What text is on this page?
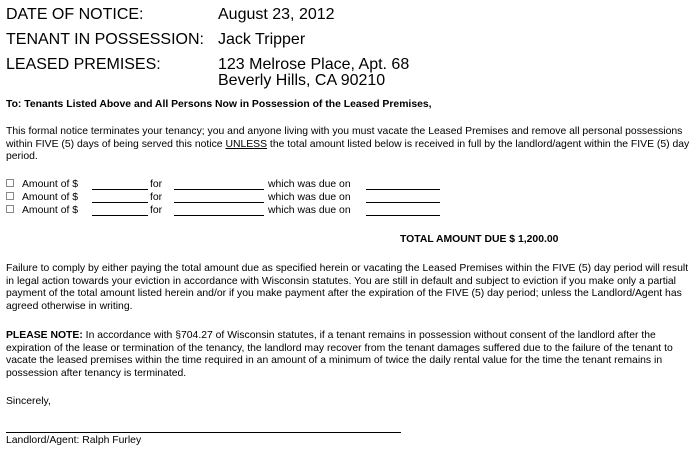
DATE OF NOTICE:	August 23, 2012
TENANT IN POSSESSION: Jack Tripper
LEASED PREMISES:	123 Melrose Place, Apt. 68
Beverly Hills, CA 90210
To: Tenants Listed Above and All Persons Now in Possession of the Leased Premises,
This formal notice terminates your tenancy; you and anyone living with you must vacate the Leased Premises and remove all personal possessions within FIVE (5) days of being served this notice UNLESS the total amount listed below is received in full by the landlord/agent within the FIVE (5) day period.
Amount of $	for	which was due on
Amount of $	for	which was due on
Amount of $	for	which was due on
TOTAL AMOUNT DUE $ 1,200.00
Failure to comply by either paying the total amount due as specified herein or vacating the Leased Premises within the FIVE (5) day period will result in legal action towards your eviction in accordance with Wisconsin statutes. You are still in default and subject to eviction if you make only a partial payment of the total amount listed herein and/or if you make payment after the expiration of the FIVE (5) day period; unless the Landlord/Agent has agreed otherwise in writing.
PLEASE NOTE: In accordance with §704.27 of Wisconsin statutes, if a tenant remains in possession without consent of the landlord after the expiration of the lease or termination of the tenancy, the landlord may recover from the tenant damages suffered due to the failure of the tenant to vacate the leased premises within the time required in an amount of a minimum of twice the daily rental value for the time the tenant remains in possession after tenancy is terminated.
Sincerely,
Landlord/Agent: Ralph Furley
